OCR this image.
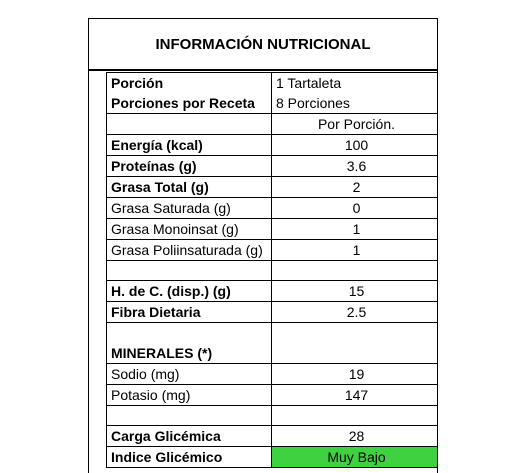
INFORMACIÓN NUTRICIONAL
Porción	1 Tartaleta
Porciones por Receta	8 Porciones
	Por Porción.
Energía (kcal)	100
Proteínas (g)	3.6
Grasa Total (g)	2
Grasa Saturada (g)	0
Grasa Monoinsat (g)	1
Grasa Poliinsaturada (g)	1

H. de C. (disp.) (g)	15
Fibra Dietaria	2.5

MINERALES (*)	
Sodio (mg)	19
Potasio (mg)	147

Carga Glicémica	28
Indice Glicémico	Muy Bajo
